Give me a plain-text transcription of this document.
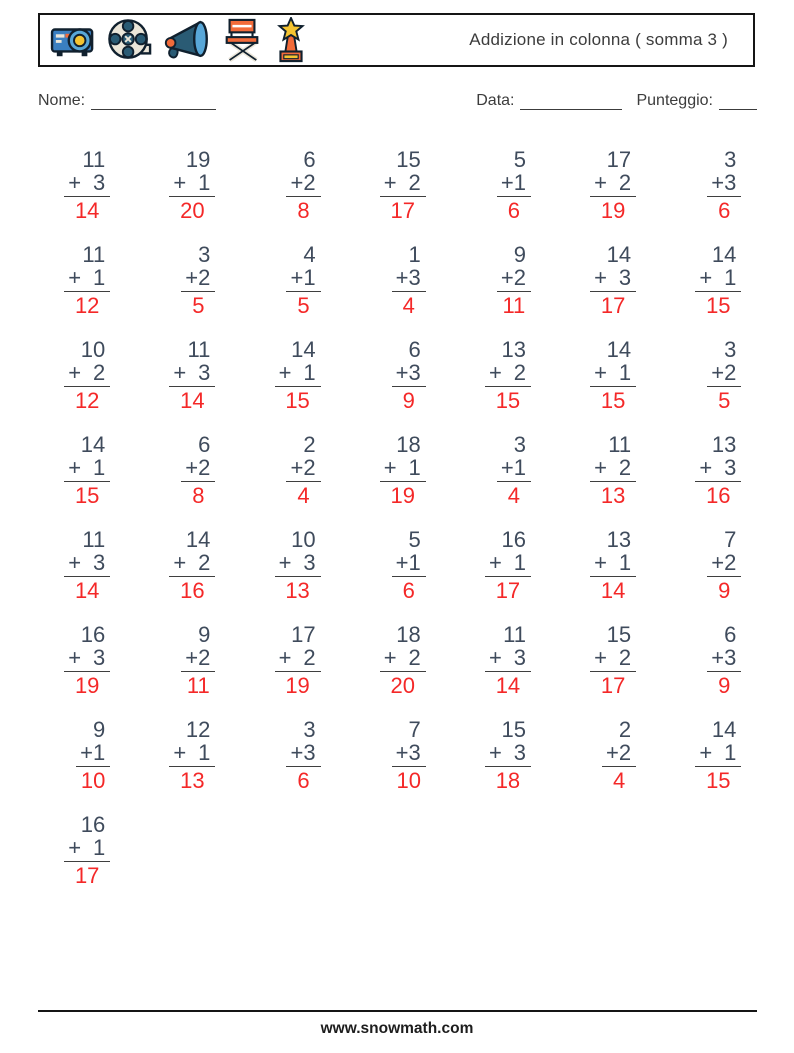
Addizione in colonna ( somma 3 )
Nome:	Data:	Punteggio:
11
+ 3
14
19
+ 1
20
6
+ 2
8
15
+ 2
17
5
+ 1
6
17
+ 2
19
3
+ 3
6
11
+ 1
12
3
+ 2
5
4
+ 1
5
1
+ 3
4
9
+ 2
11
14
+ 3
17
14
+ 1
15
10
+ 2
12
11
+ 3
14
14
+ 1
15
6
+ 3
9
13
+ 2
15
14
+ 1
15
3
+ 2
5
14
+ 1
15
6
+ 2
8
2
+ 2
4
18
+ 1
19
3
+ 1
4
11
+ 2
13
13
+ 3
16
11
+ 3
14
14
+ 2
16
10
+ 3
13
5
+ 1
6
16
+ 1
17
13
+ 1
14
7
+ 2
9
16
+ 3
19
9
+ 2
11
17
+ 2
19
18
+ 2
20
11
+ 3
14
15
+ 2
17
6
+ 3
9
9
+ 1
10
12
+ 1
13
3
+ 3
6
7
+ 3
10
15
+ 3
18
2
+ 2
4
14
+ 1
15
16
+ 1
17
www.snowmath.com
